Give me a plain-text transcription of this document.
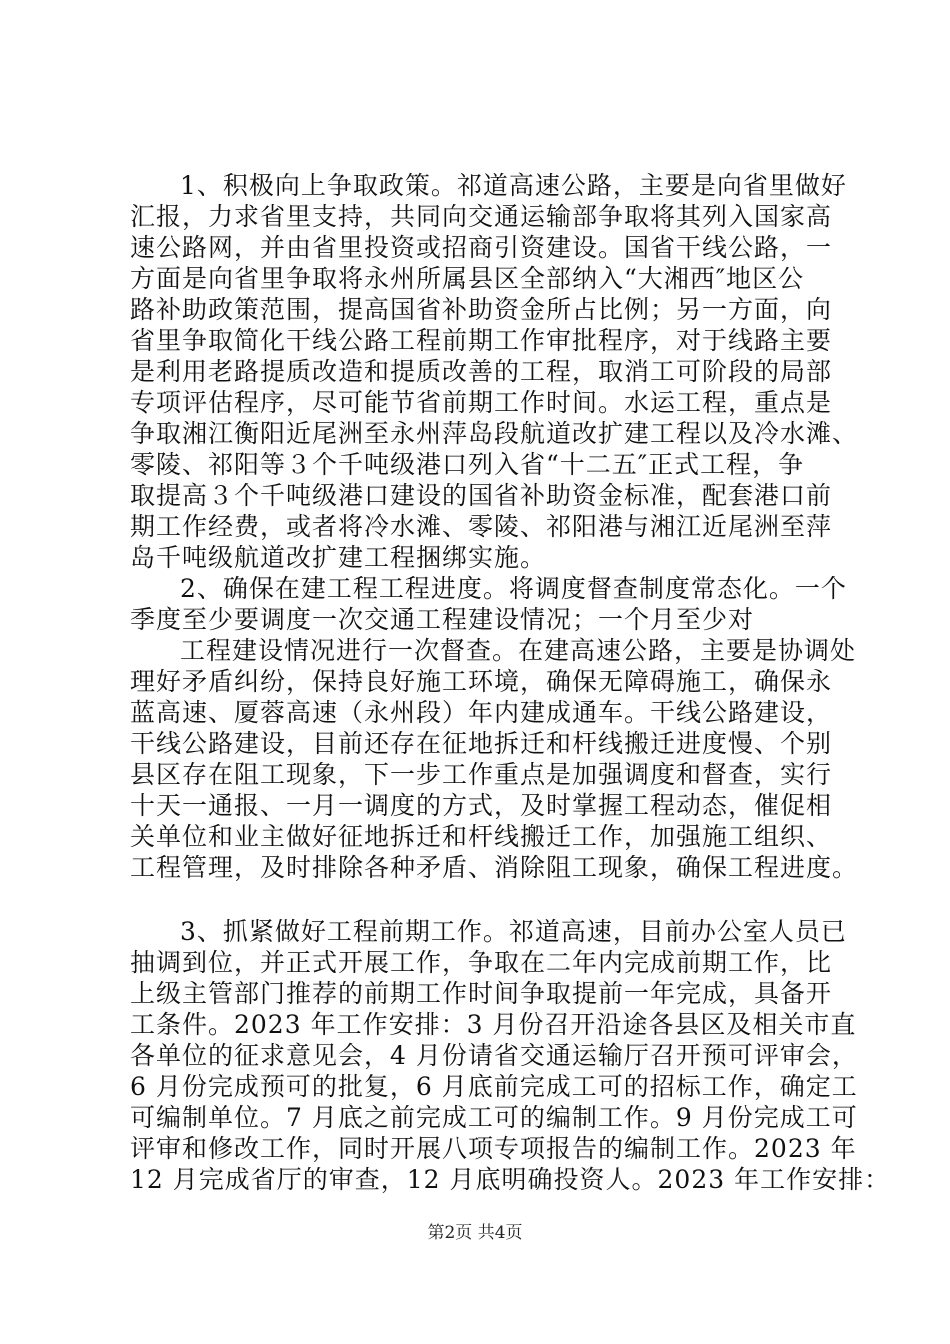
1、积极向上争取政策。祁道高速公路，主要是向省里做好
汇报，力求省里支持，共同向交通运输部争取将其列入国家高
速公路网，并由省里投资或招商引资建设。国省干线公路，一
方面是向省里争取将永州所属县区全部纳入“大湘西″地区公
路补助政策范围，提高国省补助资金所占比例；另一方面，向
省里争取简化干线公路工程前期工作审批程序，对于线路主要
是利用老路提质改造和提质改善的工程，取消工可阶段的局部
专项评估程序，尽可能节省前期工作时间。水运工程，重点是
争取湘江衡阳近尾洲至永州萍岛段航道改扩建工程以及冷水滩、
零陵、祁阳等３个千吨级港口列入省“十二五″正式工程，争
取提高３个千吨级港口建设的国省补助资金标准，配套港口前
期工作经费，或者将冷水滩、零陵、祁阳港与湘江近尾洲至萍
岛千吨级航道改扩建工程捆绑实施。
2、确保在建工程工程进度。将调度督查制度常态化。一个
季度至少要调度一次交通工程建设情况；一个月至少对
工程建设情况进行一次督查。在建高速公路，主要是协调处
理好矛盾纠纷，保持良好施工环境，确保无障碍施工，确保永
蓝高速、厦蓉高速（永州段）年内建成通车。干线公路建设，
干线公路建设，目前还存在征地拆迁和杆线搬迁进度慢、个别
县区存在阻工现象，下一步工作重点是加强调度和督查，实行
十天一通报、一月一调度的方式，及时掌握工程动态，催促相
关单位和业主做好征地拆迁和杆线搬迁工作，加强施工组织、
工程管理，及时排除各种矛盾、消除阻工现象，确保工程进度。
3、抓紧做好工程前期工作。祁道高速，目前办公室人员已
抽调到位，并正式开展工作，争取在二年内完成前期工作，比
上级主管部门推荐的前期工作时间争取提前一年完成，具备开
工条件。2023 年工作安排：3 月份召开沿途各县区及相关市直
各单位的征求意见会，4 月份请省交通运输厅召开预可评审会，
6 月份完成预可的批复，6 月底前完成工可的招标工作，确定工
可编制单位。7 月底之前完成工可的编制工作。9 月份完成工可
评审和修改工作，同时开展八项专项报告的编制工作。2023 年
12 月完成省厅的审查，12 月底明确投资人。2023 年工作安排：
第2页 共4页
